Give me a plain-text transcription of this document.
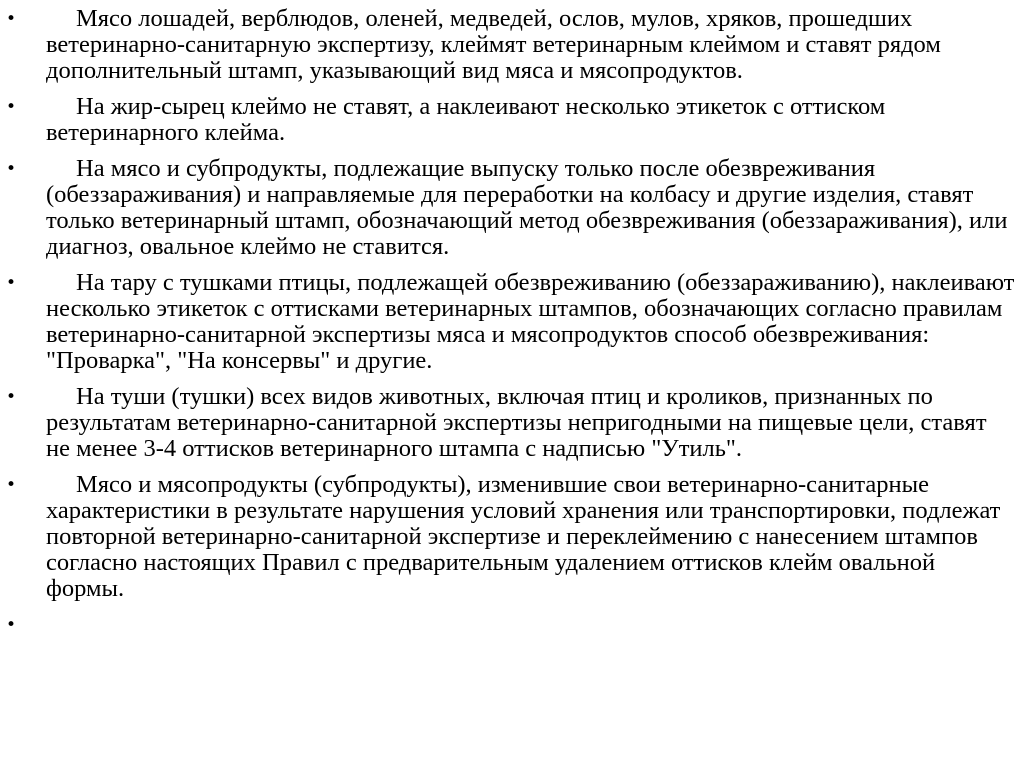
•	Мясо лошадей, верблюдов, оленей, медведей, ослов, мулов, хряков, прошедших ветеринарно-санитарную экспертизу, клеймят ветеринарным клеймом и ставят рядом дополнительный штамп, указывающий вид мяса и мясопродуктов.
•	На жир-сырец клеймо не ставят, а наклеивают несколько этикеток с оттиском ветеринарного клейма.
•	На мясо и субпродукты, подлежащие выпуску только после обезвреживания (обеззараживания) и направляемые для переработки на колбасу и другие изделия, ставят только ветеринарный штамп, обозначающий метод обезвреживания (обеззараживания), или диагноз, овальное клеймо не ставится.
•	На тару с тушками птицы, подлежащей обезвреживанию (обеззараживанию), наклеивают несколько этикеток с оттисками ветеринарных штампов, обозначающих согласно правилам ветеринарно-санитарной экспертизы мяса и мясопродуктов способ обезвреживания: "Проварка", "На консервы" и другие.
•	На туши (тушки) всех видов животных, включая птиц и кроликов, признанных по результатам ветеринарно-санитарной экспертизы непригодными на пищевые цели, ставят не менее 3-4 оттисков ветеринарного штампа с надписью "Утиль".
•	Мясо и мясопродукты (субпродукты), изменившие свои ветеринарно-санитарные характеристики в результате нарушения условий хранения или транспортировки, подлежат повторной ветеринарно-санитарной экспертизе и переклеймению с нанесением штампов согласно настоящих Правил с предварительным удалением оттисков клейм овальной формы.
•
